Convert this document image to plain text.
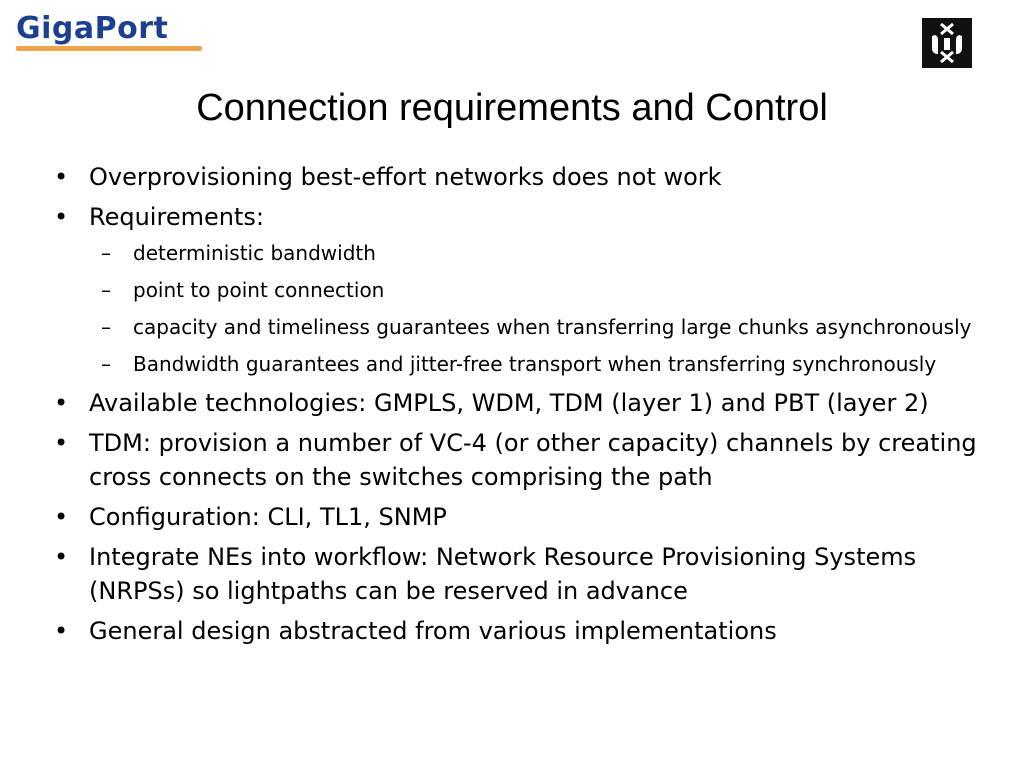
GigaPort
Connection requirements and Control
• Overprovisioning best-effort networks does not work
• Requirements:
– deterministic bandwidth
– point to point connection
– capacity and timeliness guarantees when transferring large chunks asynchronously
– Bandwidth guarantees and jitter-free transport when transferring synchronously
• Available technologies: GMPLS, WDM, TDM (layer 1) and PBT (layer 2)
• TDM: provision a number of VC-4 (or other capacity) channels by creating cross connects on the switches comprising the path
• Configuration: CLI, TL1, SNMP
• Integrate NEs into workflow: Network Resource Provisioning Systems (NRPSs) so lightpaths can be reserved in advance
• General design abstracted from various implementations
